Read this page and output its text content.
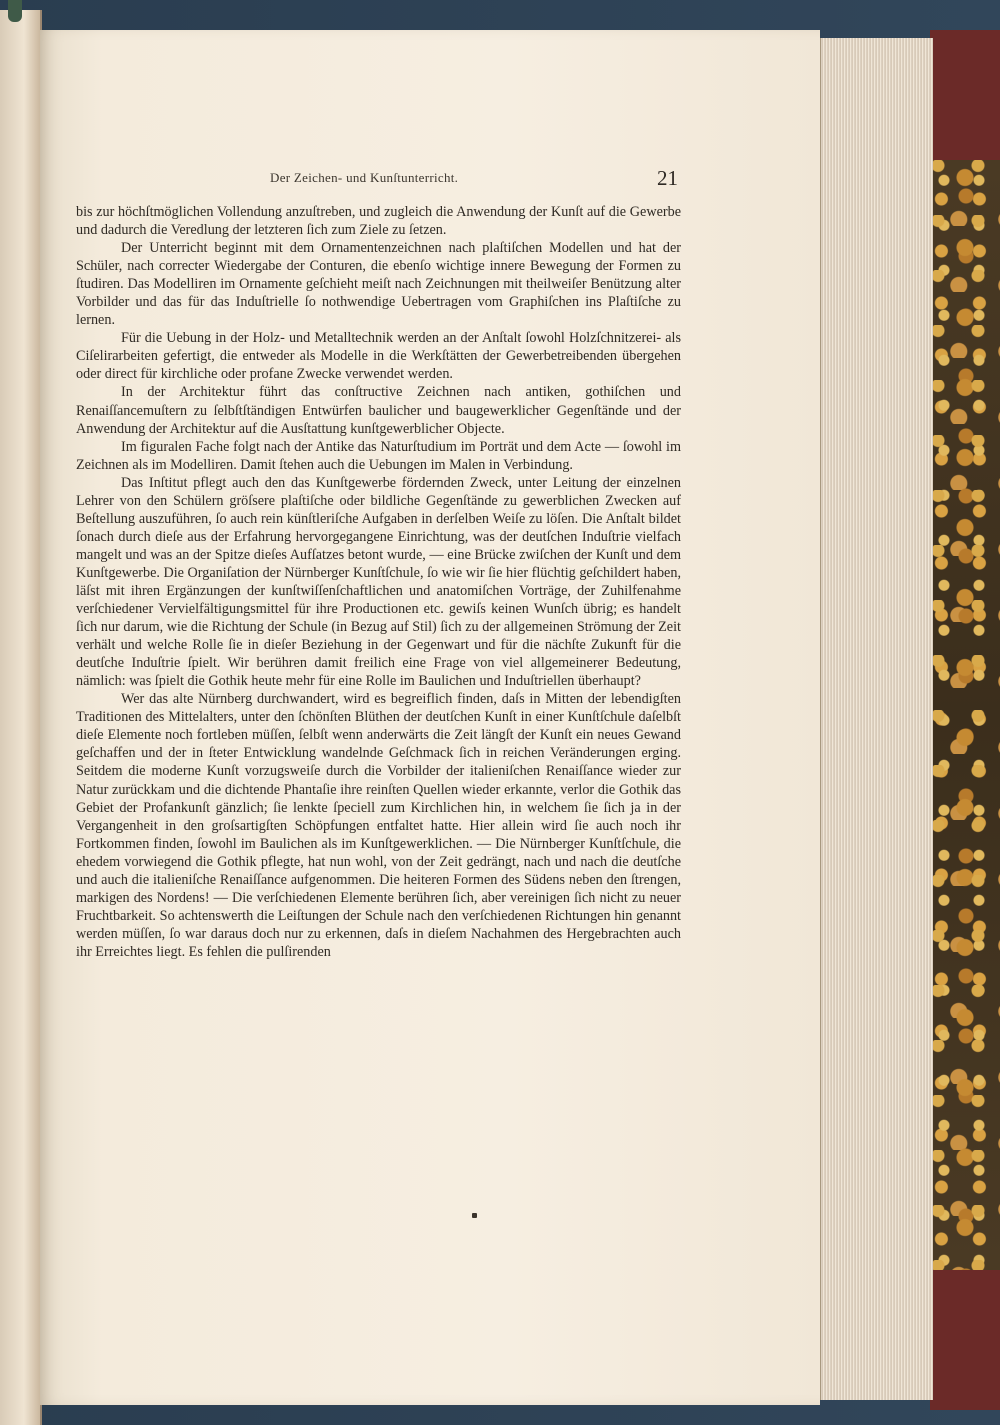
Der Zeichen- und Kunſtunterricht.	21

bis zur höchſtmöglichen Vollendung anzuſtreben, und zugleich die Anwendung der Kunſt auf die Gewerbe und dadurch die Veredlung der letzteren ſich zum Ziele zu ſetzen.

Der Unterricht beginnt mit dem Ornamentenzeichnen nach plaſtiſchen Modellen und hat der Schüler, nach correcter Wiedergabe der Conturen, die ebenſo wichtige innere Bewegung der Formen zu ſtudiren. Das Modelliren im Ornamente geſchieht meiſt nach Zeichnungen mit theilweiſer Benützung alter Vorbilder und das für das Induſtrielle ſo nothwendige Uebertragen vom Graphiſchen ins Plaſtiſche zu lernen.

Für die Uebung in der Holz- und Metalltechnik werden an der Anſtalt ſowohl Holzſchnitzerei- als Ciſelirarbeiten gefertigt, die entweder als Modelle in die Werkſtätten der Gewerbetreibenden übergehen oder direct für kirchliche oder profane Zwecke verwendet werden.

In der Architektur führt das conſtructive Zeichnen nach antiken, gothiſchen und Renaiſſancemuſtern zu ſelbſtſtändigen Entwürfen baulicher und baugewerklicher Gegenſtände und der Anwendung der Architektur auf die Ausſtattung kunſtgewerblicher Objecte.

Im figuralen Fache folgt nach der Antike das Naturſtudium im Porträt und dem Acte — ſowohl im Zeichnen als im Modelliren. Damit ſtehen auch die Uebungen im Malen in Verbindung.

Das Inſtitut pflegt auch den das Kunſtgewerbe fördernden Zweck, unter Leitung der einzelnen Lehrer von den Schülern gröſsere plaſtiſche oder bildliche Gegenſtände zu gewerblichen Zwecken auf Beſtellung auszuführen, ſo auch rein künſtleriſche Aufgaben in derſelben Weiſe zu löſen. Die Anſtalt bildet ſonach durch dieſe aus der Erfahrung hervorgegangene Einrichtung, was der deutſchen Induſtrie vielfach mangelt und was an der Spitze dieſes Aufſatzes betont wurde, — eine Brücke zwiſchen der Kunſt und dem Kunſtgewerbe. Die Organiſation der Nürnberger Kunſtſchule, ſo wie wir ſie hier flüchtig geſchildert haben, läſst mit ihren Ergänzungen der kunſtwiſſenſchaftlichen und anatomiſchen Vorträge, der Zuhilfenahme verſchiedener Vervielfältigungsmittel für ihre Productionen etc. gewiſs keinen Wunſch übrig; es handelt ſich nur darum, wie die Richtung der Schule (in Bezug auf Stil) ſich zu der allgemeinen Strömung der Zeit verhält und welche Rolle ſie in dieſer Beziehung in der Gegenwart und für die nächſte Zukunft für die deutſche Induſtrie ſpielt. Wir berühren damit freilich eine Frage von viel allgemeinerer Bedeutung, nämlich: was ſpielt die Gothik heute mehr für eine Rolle im Baulichen und Induſtriellen überhaupt?

Wer das alte Nürnberg durchwandert, wird es begreiflich finden, daſs in Mitten der lebendigſten Traditionen des Mittelalters, unter den ſchönſten Blüthen der deutſchen Kunſt in einer Kunſtſchule daſelbſt dieſe Elemente noch fortleben müſſen, ſelbſt wenn anderwärts die Zeit längſt der Kunſt ein neues Gewand geſchaffen und der in ſteter Entwicklung wandelnde Geſchmack ſich in reichen Veränderungen erging. Seitdem die moderne Kunſt vorzugsweiſe durch die Vorbilder der italieniſchen Renaiſſance wieder zur Natur zurückkam und die dichtende Phantaſie ihre reinſten Quellen wieder erkannte, verlor die Gothik das Gebiet der Profankunſt gänzlich; ſie lenkte ſpeciell zum Kirchlichen hin, in welchem ſie ſich ja in der Vergangenheit in den groſsartigſten Schöpfungen entfaltet hatte. Hier allein wird ſie auch noch ihr Fortkommen finden, ſowohl im Baulichen als im Kunſtgewerklichen. — Die Nürnberger Kunſtſchule, die ehedem vorwiegend die Gothik pflegte, hat nun wohl, von der Zeit gedrängt, nach und nach die deutſche und auch die italieniſche Renaiſſance aufgenommen. Die heiteren Formen des Südens neben den ſtrengen, markigen des Nordens! — Die verſchiedenen Elemente berühren ſich, aber vereinigen ſich nicht zu neuer Fruchtbarkeit. So achtenswerth die Leiſtungen der Schule nach den verſchiedenen Richtungen hin genannt werden müſſen, ſo war daraus doch nur zu erkennen, daſs in dieſem Nachahmen des Hergebrachten auch ihr Erreichtes liegt. Es fehlen die pulſirenden
